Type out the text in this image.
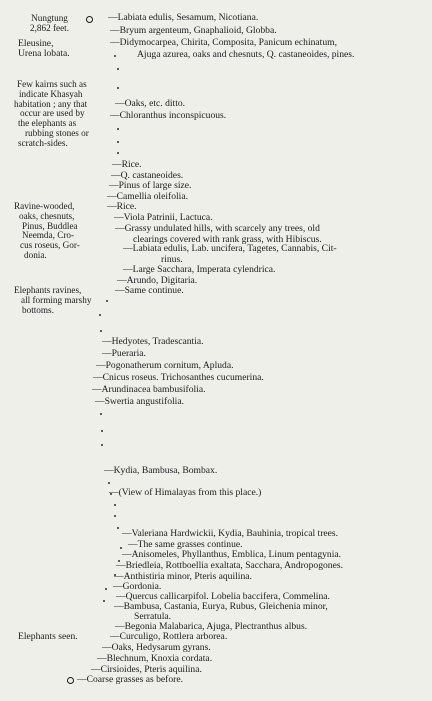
Nungtung
2,862 feet.
Eleusine,
Urena lobata.
Few kairns such as
indicate Khasyah
habitation ; any that
occur are used by
the elephants as
rubbing stones or
scratch-sides.
Ravine-wooded,
oaks, chesnuts,
Pinus, Buddlea
Neemda, Cro-
cus roseus, Gor-
donia.
Elephants ravines,
all forming marshy
bottoms.
Elephants seen.
—Labiata edulis, Sesamum, Nicotiana.
—Bryum argenteum, Gnaphalioid, Globba.
—Didymocarpea, Chirita, Composita, Panicum echinatum,
Ajuga azurea, oaks and chesnuts, Q. castaneoides, pines.
—Oaks, etc. ditto.
—Chloranthus inconspicuous.
—Rice.
—Q. castaneoides.
—Pinus of large size.
—Camellia oleifolia.
—Rice.
—Viola Patrinii, Lactuca.
—Grassy undulated hills, with scarcely any trees, old
clearings covered with rank grass, with Hibiscus.
—Labiata edulis, Lab. uncifera, Tagetes, Cannabis, Cit-
rinus.
—Large Sacchara, Imperata cylendrica.
—Arundo, Digitaria.
—Same continue.
—Hedyotes, Tradescantia.
—Pueraria.
—Pogonatherum cornitum, Apluda.
—Cnicus roseus. Trichosanthes cucumerina.
—Arundinacea bambusifolia.
—Swertia angustifolia.
—Kydia, Bambusa, Bombax.
—(View of Himalayas from this place.)
—Valeriana Hardwickii, Kydia, Bauhinia, tropical trees.
—The same grasses continue.
—Anisomeles, Phyllanthus, Emblica, Linum pentagynia.
—Briedleia, Rottboellia exaltata, Sacchara, Andropogones.
—Anthistiria minor, Pteris aquilina.
—Gordonia.
—Quercus callicarpifol. Lobelia baccifera, Commelina.
—Bambusa, Castania, Eurya, Rubus, Gleichenia minor,
Serratula.
—Begonia Malabarica, Ajuga, Plectranthus albus.
—Curculigo, Rottlera arborea.
—Oaks, Hedysarum gyrans.
—Blechnum, Knoxia cordata.
—Cirsioides, Pteris aquilina.
—Coarse grasses as before.
